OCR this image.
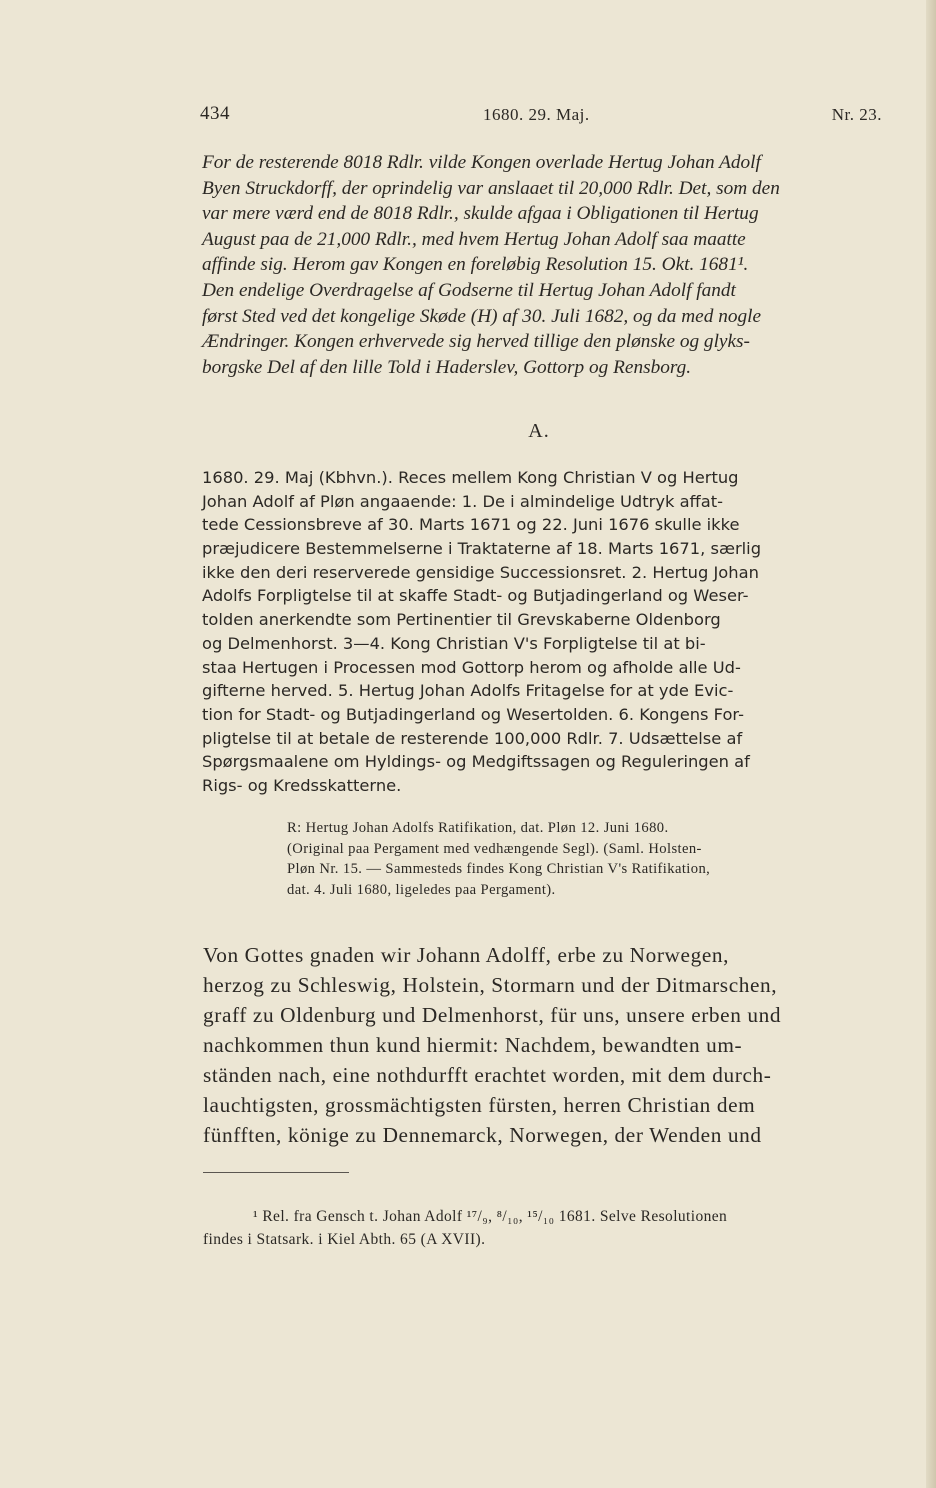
434	1680. 29. Maj.	Nr. 23.
For de resterende 8018 Rdlr. vilde Kongen overlade Hertug Johan Adolf
Byen Struckdorff, der oprindelig var anslaaet til 20,000 Rdlr. Det, som den
var mere værd end de 8018 Rdlr., skulde afgaa i Obligationen til Hertug
August paa de 21,000 Rdlr., med hvem Hertug Johan Adolf saa maatte
affinde sig. Herom gav Kongen en foreløbig Resolution 15. Okt. 1681¹.
Den endelige Overdragelse af Godserne til Hertug Johan Adolf fandt
først Sted ved det kongelige Skøde (H) af 30. Juli 1682, og da med nogle
Ændringer. Kongen erhvervede sig herved tillige den plønske og glyks-
borgske Del af den lille Told i Haderslev, Gottorp og Rensborg.
A.
1680. 29. Maj (Kbhvn.). Reces mellem Kong Christian V og Hertug
Johan Adolf af Pløn angaaende: 1. De i almindelige Udtryk affat-
tede Cessionsbreve af 30. Marts 1671 og 22. Juni 1676 skulle ikke
præjudicere Bestemmelserne i Traktaterne af 18. Marts 1671, særlig
ikke den deri reserverede gensidige Successionsret. 2. Hertug Johan
Adolfs Forpligtelse til at skaffe Stadt- og Butjadingerland og Weser-
tolden anerkendte som Pertinentier til Grevskaberne Oldenborg
og Delmenhorst. 3—4. Kong Christian V's Forpligtelse til at bi-
staa Hertugen i Processen mod Gottorp herom og afholde alle Ud-
gifterne herved. 5. Hertug Johan Adolfs Fritagelse for at yde Evic-
tion for Stadt- og Butjadingerland og Wesertolden. 6. Kongens For-
pligtelse til at betale de resterende 100,000 Rdlr. 7. Udsættelse af
Spørgsmaalene om Hyldings- og Medgiftssagen og Reguleringen af
Rigs- og Kredsskatterne.
R: Hertug Johan Adolfs Ratifikation, dat. Pløn 12. Juni 1680.
(Original paa Pergament med vedhængende Segl). (Saml. Holsten-
Pløn Nr. 15. — Sammesteds findes Kong Christian V's Ratifikation,
dat. 4. Juli 1680, ligeledes paa Pergament).
Von Gottes gnaden wir Johann Adolff, erbe zu Norwegen,
herzog zu Schleswig, Holstein, Stormarn und der Ditmarschen,
graff zu Oldenburg und Delmenhorst, für uns, unsere erben und
nachkommen thun kund hiermit: Nachdem, bewandten um-
ständen nach, eine nothdurfft erachtet worden, mit dem durch-
lauchtigsten, grossmächtigsten fürsten, herren Christian dem
fünfften, könige zu Dennemarck, Norwegen, der Wenden und
¹ Rel. fra Gensch t. Johan Adolf ¹⁷/₉, ⁸/₁₀, ¹⁵/₁₀ 1681. Selve Resolutionen
findes i Statsark. i Kiel Abth. 65 (A XVII).
